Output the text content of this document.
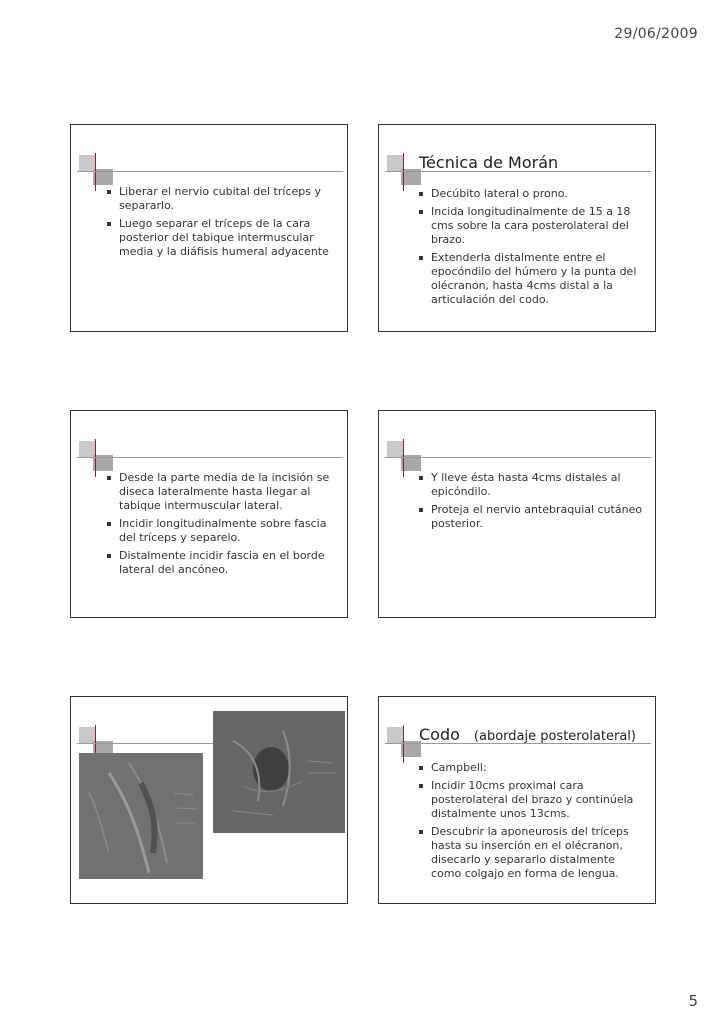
29/06/2009
Liberar el nervio cubital del tríceps y separarlo.
Luego separar el tríceps de la cara posterior del tabique intermuscular media y la diáfisis humeral adyacente
Técnica de Morán
Decúbito lateral o prono.
Incida longitudinalmente de 15 a 18 cms sobre la cara posterolateral del brazo.
Extenderla distalmente entre el epocóndilo del húmero y la punta del olécranon, hasta 4cms distal a la articulación del codo.
Desde la parte media de la incisión se diseca lateralmente hasta llegar al tabique intermuscular lateral.
Incidir longitudinalmente sobre fascia del tríceps y separelo.
Distalmente incidir fascia en el borde lateral del ancóneo.
Y lleve ésta hasta 4cms distales al epicóndilo.
Proteja el nervio antebraquial cutáneo posterior.
Codo (abordaje posterolateral)
Campbell:
Incidir 10cms proximal cara posterolateral del brazo y continúela distalmente unos 13cms.
Descubrir la aponeurosis del tríceps hasta su inserción en el olécranon, disecarlo y separarlo distalmente como colgajo en forma de lengua.
5
